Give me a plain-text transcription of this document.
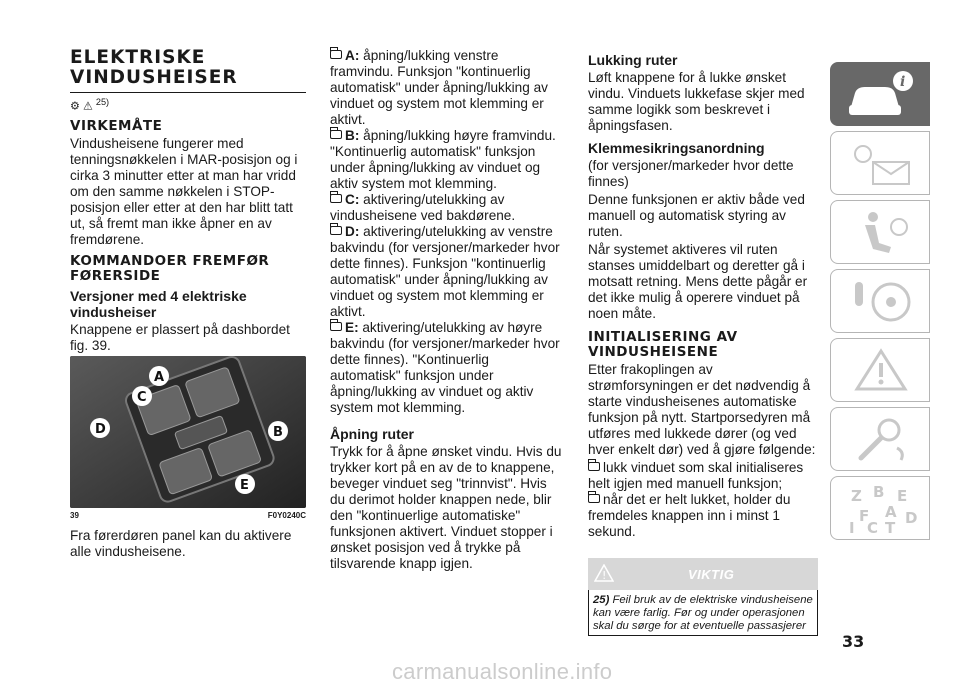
ELEKTRISKE
VINDUSHEISER
⚙ ⚠ $^{25)}$
VIRKEMÅTE
Vindusheisene fungerer med tenningsnøkkelen i MAR-posisjon og i cirka 3 minutter etter at man har vridd om den samme nøkkelen i STOP-posisjon eller etter at den har blitt tatt ut, så fremt man ikke åpner en av fremdørene.
KOMMANDOER FREMFØR FØRERSIDE
Versjoner med 4 elektriske vindusheiser
Knappene er plassert på dashbordet fig. 39.
A
B
C
D
E
39	F0Y0240C
Fra førerdøren panel kan du aktivere alle vindusheisene.
A: åpning/lukking venstre framvindu. Funksjon "kontinuerlig automatisk" under åpning/lukking av vinduet og system mot klemming er aktivt.
B: åpning/lukking høyre framvindu. "Kontinuerlig automatisk" funksjon under åpning/lukking av vinduet og aktiv system mot klemming.
C: aktivering/utelukking av vindusheisene ved bakdørene.
D: aktivering/utelukking av venstre bakvindu (for versjoner/markeder hvor dette finnes). Funksjon "kontinuerlig automatisk" under åpning/lukking av vinduet og system mot klemming er aktivt.
E: aktivering/utelukking av høyre bakvindu (for versjoner/markeder hvor dette finnes). "Kontinuerlig automatisk" funksjon under åpning/lukking av vinduet og aktiv system mot klemming.
Åpning ruter
Trykk for å åpne ønsket vindu. Hvis du trykker kort på en av de to knappene, beveger vinduet seg "trinnvist". Hvis du derimot holder knappen nede, blir den "kontinuerlige automatiske" funksjonen aktivert. Vinduet stopper i ønsket posisjon ved å trykke på tilsvarende knapp igjen.
Lukking ruter
Løft knappene for å lukke ønsket vindu. Vinduets lukkefase skjer med samme logikk som beskrevet i åpningsfasen.
Klemmesikringsanordning
(for versjoner/markeder hvor dette finnes)
Denne funksjonen er aktiv både ved manuell og automatisk styring av ruten.
Når systemet aktiveres vil ruten stanses umiddelbart og deretter gå i motsatt retning. Mens dette pågår er det ikke mulig å operere vinduet på noen måte.
INITIALISERING AV VINDUSHEISENE
Etter frakoplingen av strømforsyningen er det nødvendig å starte vindusheisenes automatiske funksjon på nytt. Startporsedyren må utføres med lukkede dører (og ved hver enkelt dør) ved å gjøre følgende:
lukk vinduet som skal initialiseres helt igjen med manuell funksjon;
når det er helt lukket, holder du fremdeles knappen inn i minst 1 sekund.
!	VIKTIG
25) Feil bruk av de elektriske vindusheisene kan være farlig. Før og under operasjonen skal du sørge for at eventuelle passasjerer
i
Z B E
F A D
I C T
33
carmanualsonline.info
